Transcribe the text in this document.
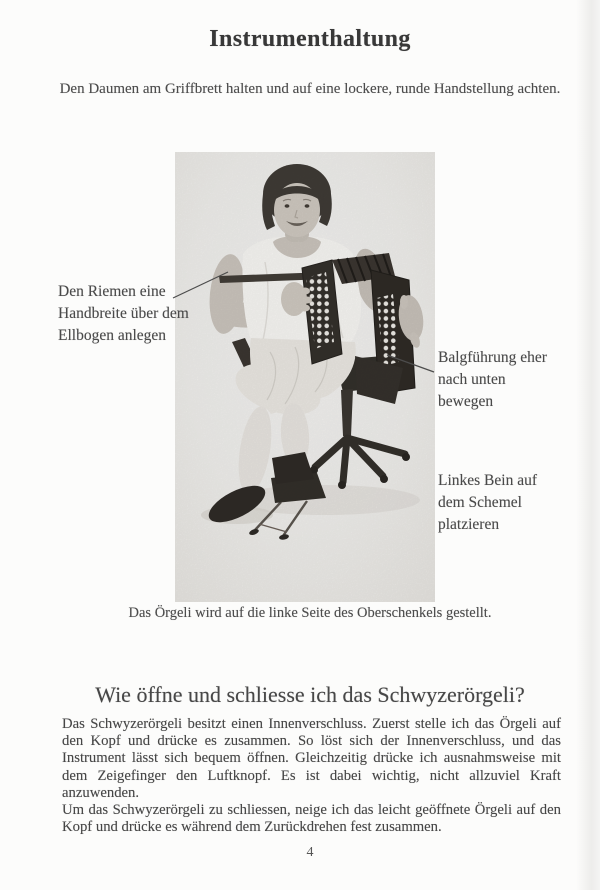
Instrumenthaltung
Den Daumen am Griffbrett halten und auf eine lockere, runde Handstellung achten.
Den Riemen eine
Handbreite über dem
Ellbogen anlegen
Balgführung eher
nach unten
bewegen
Linkes Bein auf
dem Schemel
platzieren
Das Örgeli wird auf die linke Seite des Oberschenkels gestellt.
Wie öffne und schliesse ich das Schwyzerörgeli?

Das Schwyzerörgeli besitzt einen Innenverschluss. Zuerst stelle ich das Örgeli auf den Kopf und drücke es zusammen. So löst sich der Innenverschluss, und das Instrument lässt sich bequem öffnen. Gleichzeitig drücke ich ausnahmsweise mit dem Zeigefinger den Luftknopf. Es ist dabei wichtig, nicht allzuviel Kraft anzuwenden.

Um das Schwyzerörgeli zu schliessen, neige ich das leicht geöffnete Örgeli auf den Kopf und drücke es während dem Zurückdrehen fest zusammen.

4
